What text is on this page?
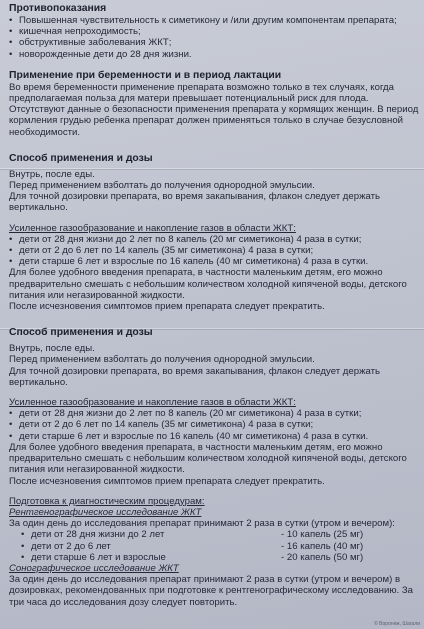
Противопоказания
• Повышенная чувствительность к симетикону и /или другим компонентам препарата;
• кишечная непроходимость;
• обструктивные заболевания ЖКТ;
• новорожденные дети до 28 дня жизни.
Применение при беременности и в период лактации

Во время беременности применение препарата возможно только в тех случаях, когда предполагаемая польза для матери превышает потенциальный риск для плода. Отсутствуют данные о безопасности применения препарата у кормящих женщин. В период кормления грудью ребенка препарат должен применяться только в случае безусловной необходимости.

Способ применения и дозы

Внутрь, после еды.

Перед применением взболтать до получения однородной эмульсии.

Для точной дозировки препарата, во время закапывания, флакон следует держать вертикально.

Усиленное газообразование и накопление газов в области ЖКТ:

• дети от 28 дня жизни до 2 лет по 8 капель (20 мг симетикона) 4 раза в сутки;
• дети от 2 до 6 лет по 14 капель (35 мг симетикона) 4 раза в сутки;
• дети старше 6 лет и взрослые по 16 капель (40 мг симетикона) 4 раза в сутки.

Для более удобного введения препарата, в частности маленьким детям, его можно предварительно смешать с небольшим количеством холодной кипяченой воды, детского питания или негазированной жидкости.

После исчезновения симптомов прием препарата следует прекратить.

Способ применения и дозы

Внутрь, после еды.

Перед применением взболтать до получения однородной эмульсии.

Для точной дозировки препарата, во время закапывания, флакон следует держать вертикально.

Усиленное газообразование и накопление газов в области ЖКТ:

• дети от 28 дня жизни до 2 лет по 8 капель (20 мг симетикона) 4 раза в сутки;
• дети от 2 до 6 лет по 14 капель (35 мг симетикона) 4 раза в сутки;
• дети старше 6 лет и взрослые по 16 капель (40 мг симетикона) 4 раза в сутки.

Для более удобного введения препарата, в частности маленьким детям, его можно предварительно смешать с небольшим количеством холодной кипяченой воды, детского питания или негазированной жидкости.

После исчезновения симптомов прием препарата следует прекратить.

Подготовка к диагностическим процедурам:

Рентгенографическое исследование ЖКТ

За один день до исследования препарат принимают 2 раза в сутки (утром и вечером):

• дети от 28 дня жизни до 2 лет	- 10 капель (25 мг)
• дети от 2 до 6 лет	- 16 капель (40 мг)
• дети старше 6 лет и взрослые	- 20 капель (50 мг)

Сонографическое исследование ЖКТ

За один день до исследования препарат принимают 2 раза в сутки (утром и вечером) в дозировках, рекомендованных при подготовке к рентгенографическому исследованию. За три часа до исследования дозу следует повторить.

© Воронеж, Шагали
